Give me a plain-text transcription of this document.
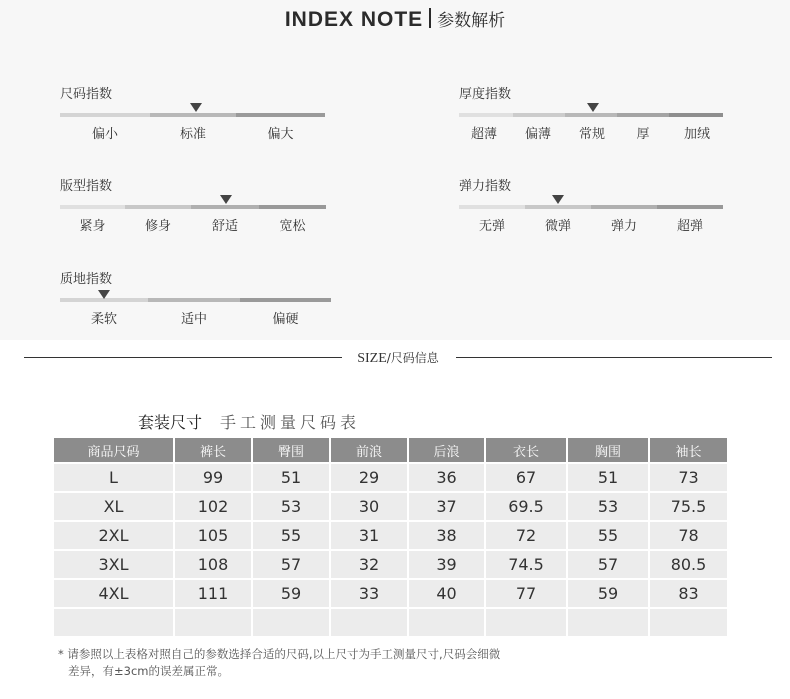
INDEX NOTE 参数解析
尺码指数
偏小	标准	偏大
版型指数
紧身	修身	舒适	宽松
质地指数
柔软	适中	偏硬
厚度指数
超薄	偏薄	常规	厚	加绒
弹力指数
无弹	微弹	弹力	超弹
SIZE/尺码信息
套装尺寸 手工测量尺码表
商品尺码	裤长	臀围	前浪	后浪	衣长	胸围	袖长
L	99	51	29	36	67	51	73
XL	102	53	30	37	69.5	53	75.5
2XL	105	55	31	38	72	55	78
3XL	108	57	32	39	74.5	57	80.5
4XL	111	59	33	40	77	59	83

* 请参照以上表格对照自己的参数选择合适的尺码,以上尺寸为手工测量尺寸,尺码会细微
差异，有±3cm的误差属正常。
